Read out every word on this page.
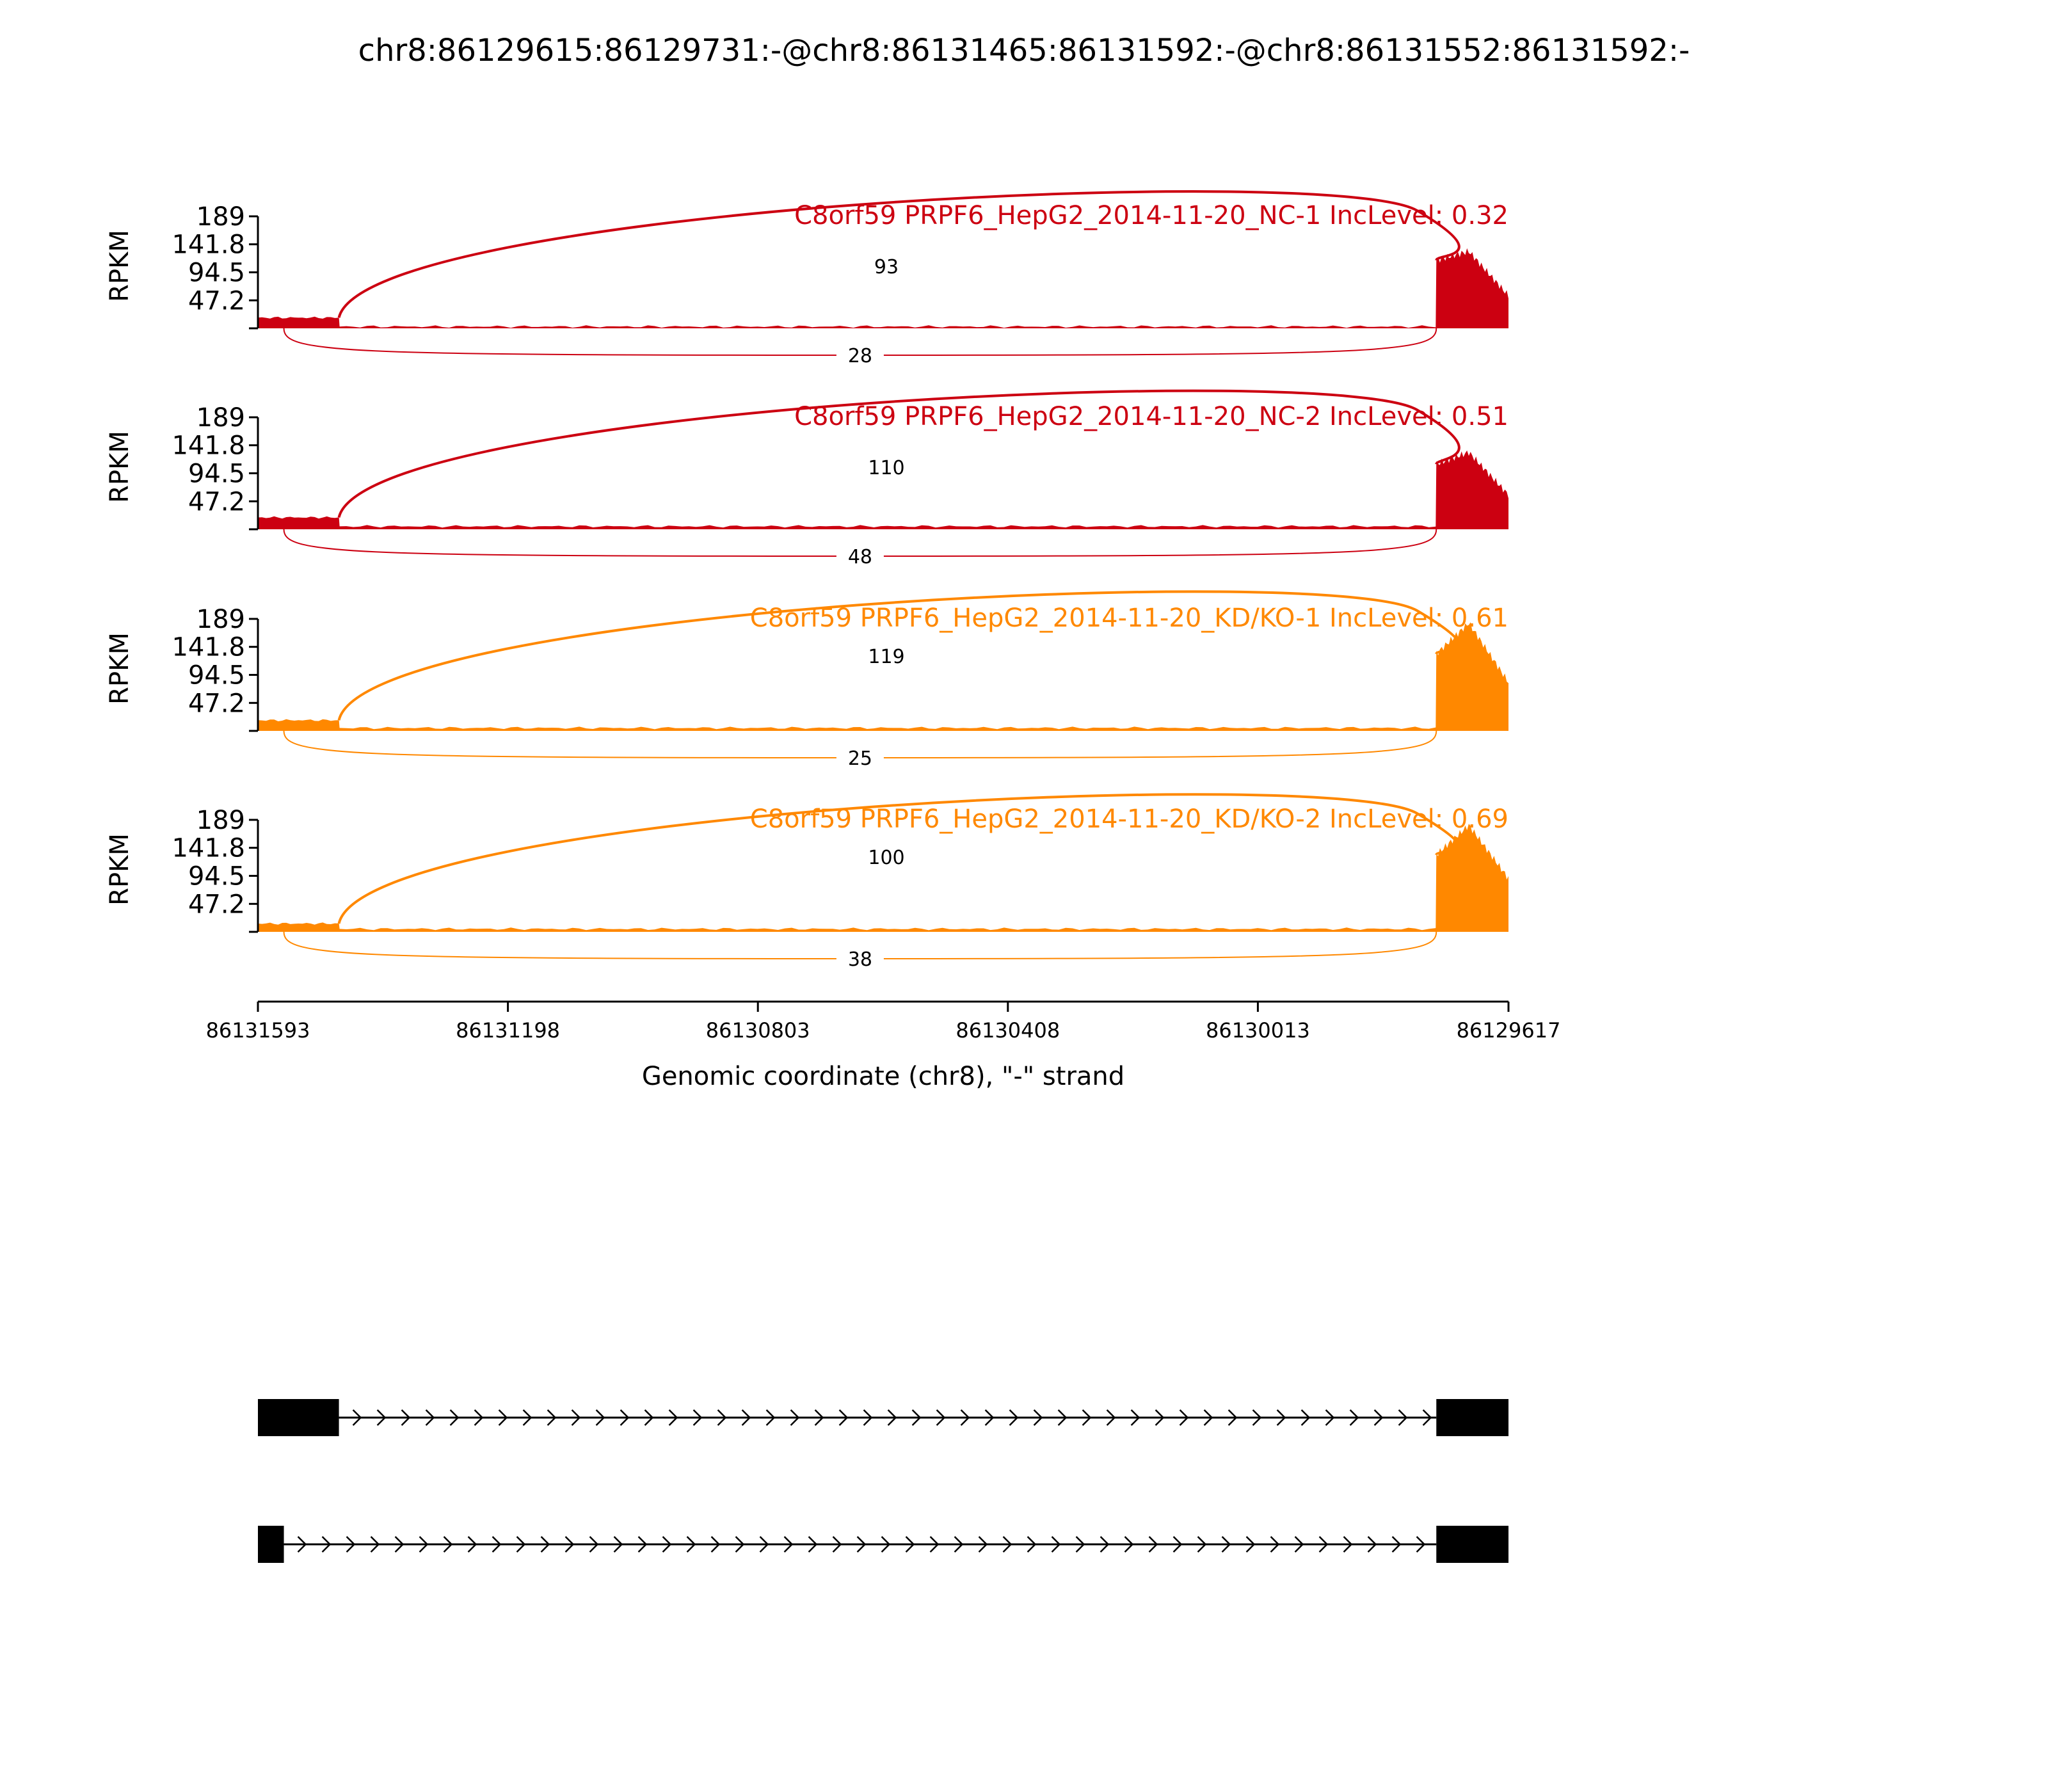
chr8:86129615:86129731:-@chr8:86131465:86131592:-@chr8:86131552:86131592:-
189
141.8
94.5
47.2
RPKM
C8orf59 PRPF6_HepG2_2014-11-20_NC-1 IncLevel: 0.32
93
28
189
141.8
94.5
47.2
RPKM
C8orf59 PRPF6_HepG2_2014-11-20_NC-2 IncLevel: 0.51
110
48
189
141.8
94.5
47.2
RPKM
C8orf59 PRPF6_HepG2_2014-11-20_KD/KO-1 IncLevel: 0.61
119
25
189
141.8
94.5
47.2
RPKM
C8orf59 PRPF6_HepG2_2014-11-20_KD/KO-2 IncLevel: 0.69
100
38
86131593	86131198	86130803	86130408	86130013	86129617
Genomic coordinate (chr8), "-" strand
